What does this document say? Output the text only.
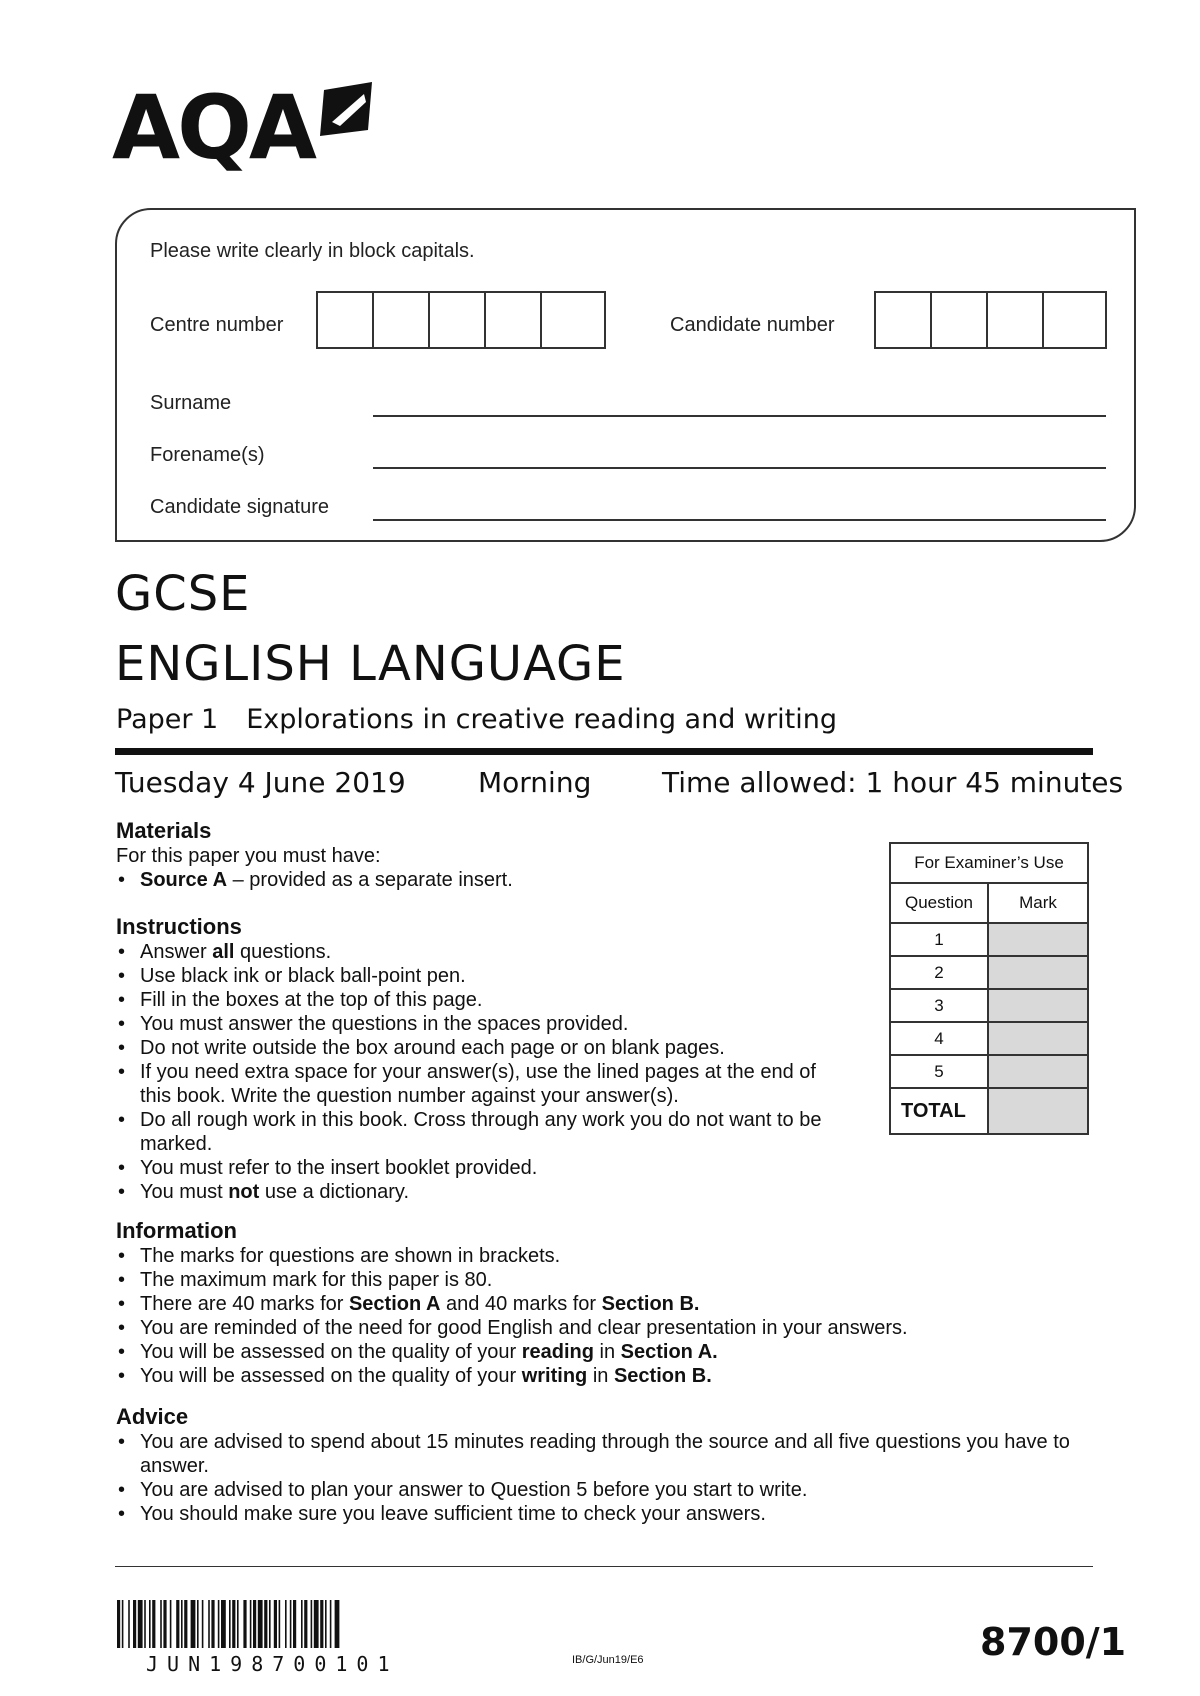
AQA
Please write clearly in block capitals.
Centre number	Candidate number
Surname
Forename(s)
Candidate signature
GCSE
ENGLISH LANGUAGE
Paper 1 Explorations in creative reading and writing
Tuesday 4 June 2019	Morning	Time allowed: 1 hour 45 minutes
Materials
For this paper you must have:
• Source A – provided as a separate insert.
Instructions
• Answer all questions.
• Use black ink or black ball-point pen.
• Fill in the boxes at the top of this page.
• You must answer the questions in the spaces provided.
• Do not write outside the box around each page or on blank pages.
• If you need extra space for your answer(s), use the lined pages at the end of this book. Write the question number against your answer(s).
• Do all rough work in this book. Cross through any work you do not want to be marked.
• You must refer to the insert booklet provided.
• You must not use a dictionary.
Information
• The marks for questions are shown in brackets.
• The maximum mark for this paper is 80.
• There are 40 marks for Section A and 40 marks for Section B.
• You are reminded of the need for good English and clear presentation in your answers.
• You will be assessed on the quality of your reading in Section A.
• You will be assessed on the quality of your writing in Section B.
Advice
• You are advised to spend about 15 minutes reading through the source and all five questions you have to answer.
• You are advised to plan your answer to Question 5 before you start to write.
• You should make sure you leave sufficient time to check your answers.
For Examiner’s Use	
Question	Mark
1	
2	
3	
4	
5	
TOTAL	
JUN198700101	IB/G/Jun19/E6	8700/1
